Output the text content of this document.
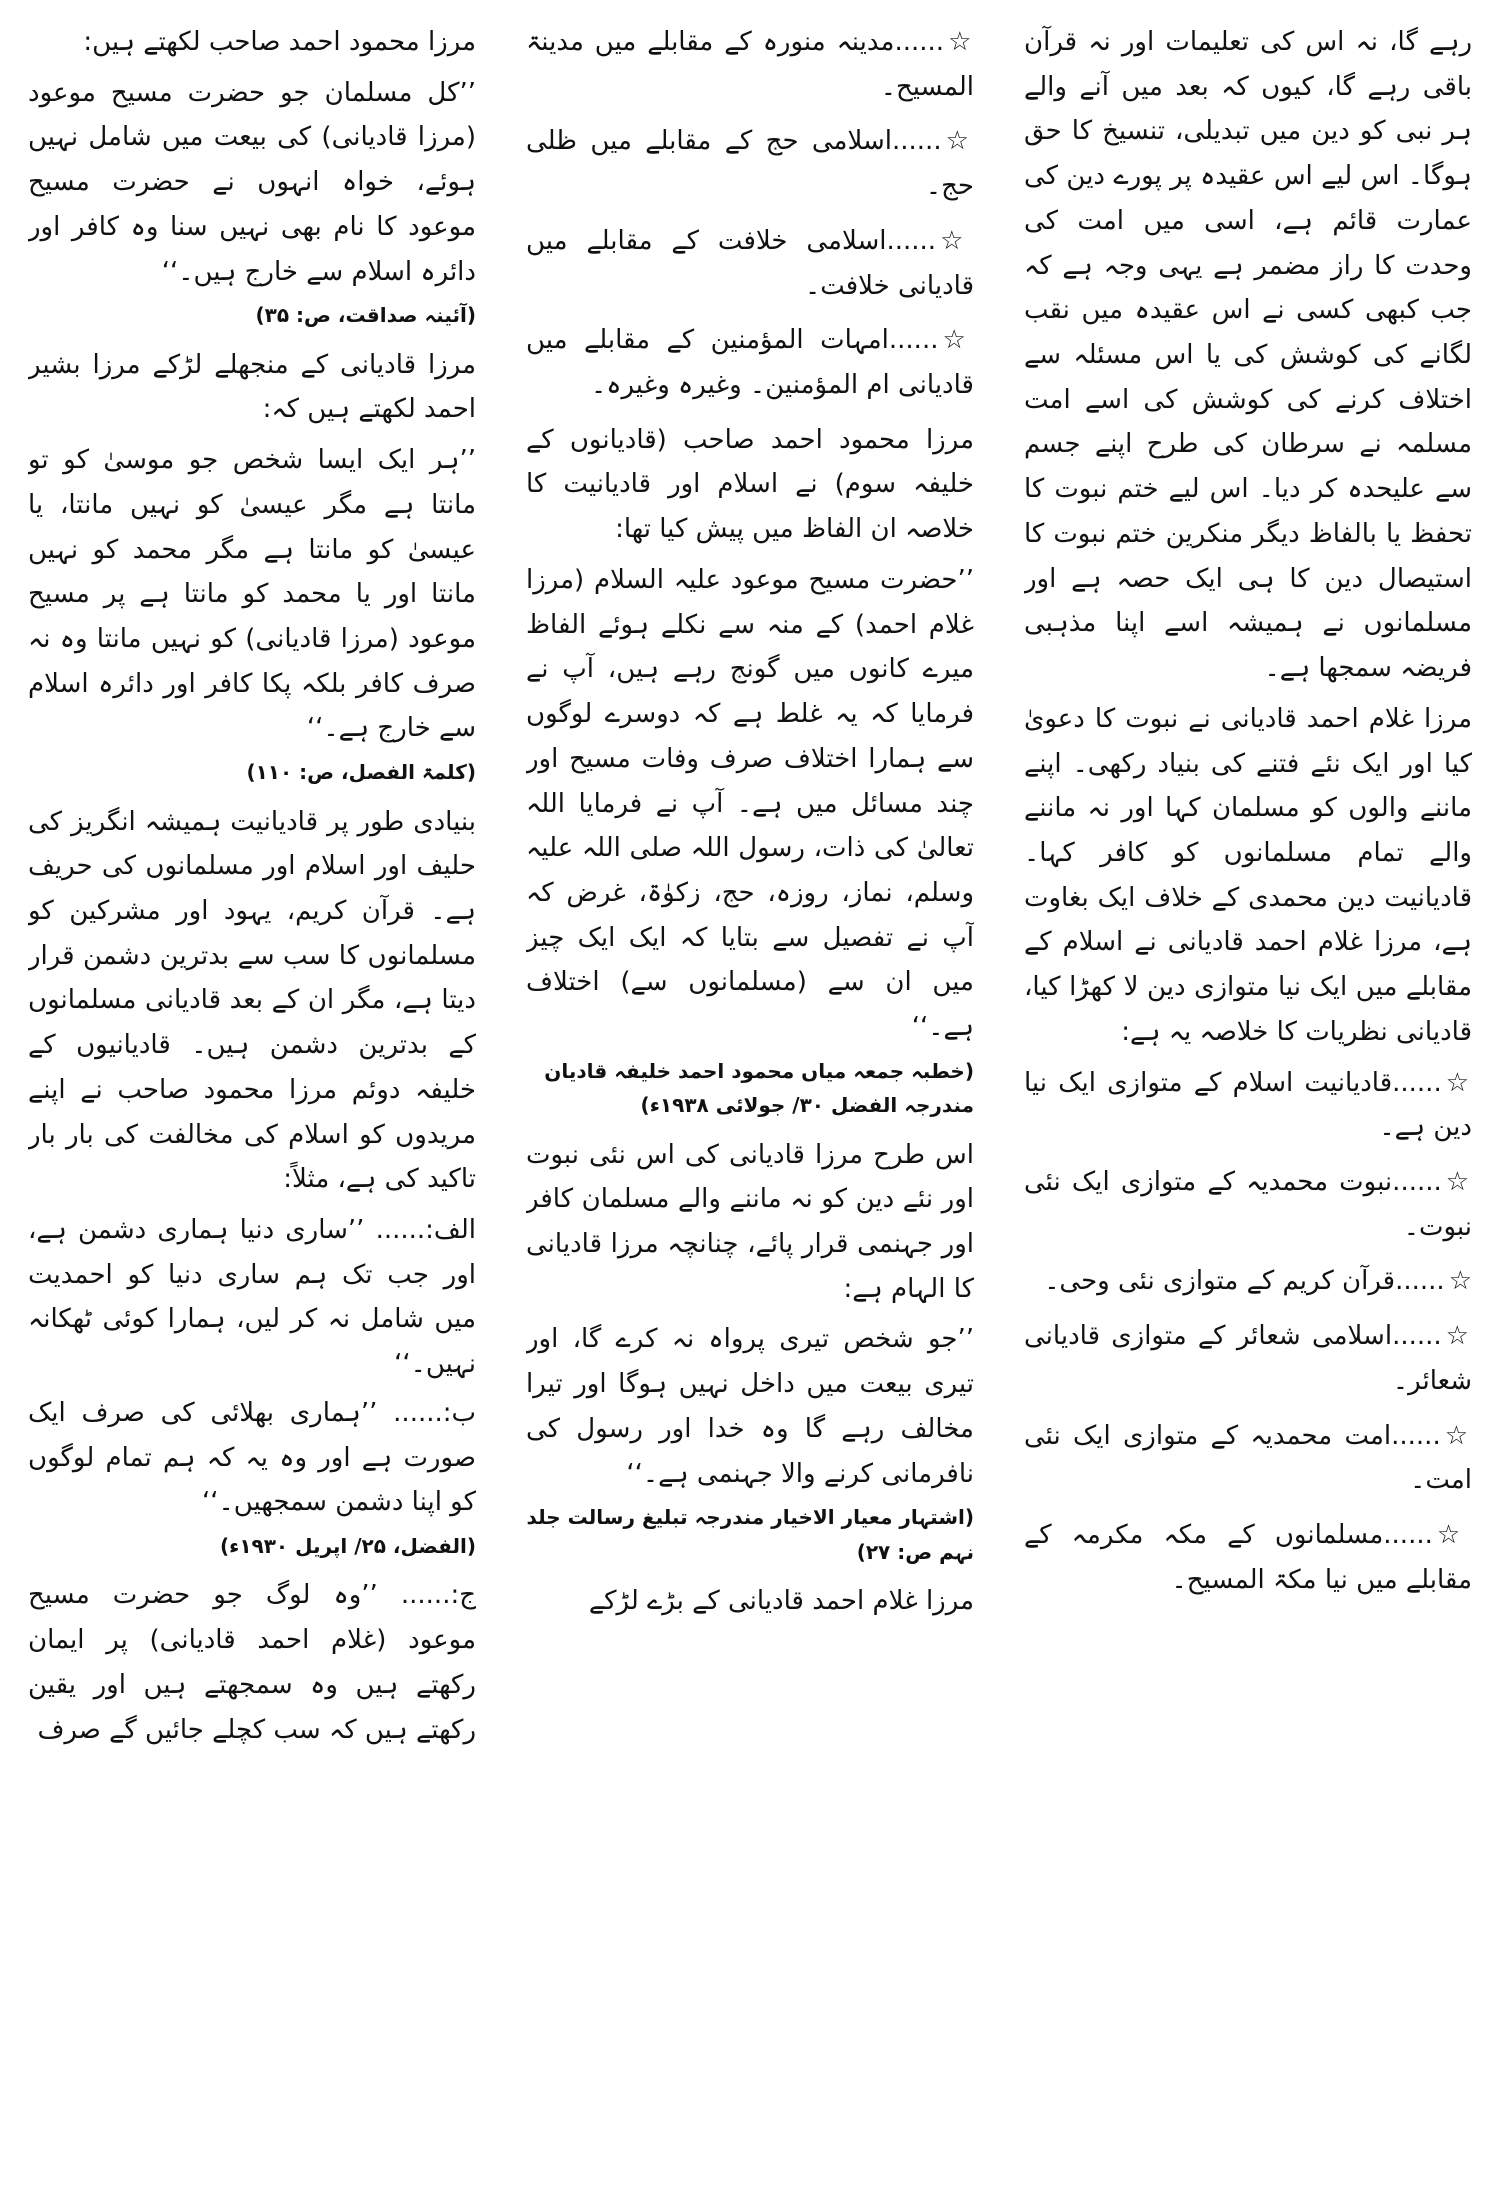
رہے گا، نہ اس کی تعلیمات اور نہ قرآن باقی رہے گا، کیوں کہ بعد میں آنے والے ہر نبی کو دین میں تبدیلی، تنسیخ کا حق ہوگا۔ اس لیے اس عقیدہ پر پورے دین کی عمارت قائم ہے، اسی میں امت کی وحدت کا راز مضمر ہے یہی وجہ ہے کہ جب کبھی کسی نے اس عقیدہ میں نقب لگانے کی کوشش کی یا اس مسئلہ سے اختلاف کرنے کی کوشش کی اسے امت مسلمہ نے سرطان کی طرح اپنے جسم سے علیحدہ کر دیا۔ اس لیے ختم نبوت کا تحفظ یا بالفاظ دیگر منکرین ختم نبوت کا استیصال دین کا ہی ایک حصہ ہے اور مسلمانوں نے ہمیشہ اسے اپنا مذہبی فریضہ سمجھا ہے۔

مرزا غلام احمد قادیانی نے نبوت کا دعویٰ کیا اور ایک نئے فتنے کی بنیاد رکھی۔ اپنے ماننے والوں کو مسلمان کہا اور نہ ماننے والے تمام مسلمانوں کو کافر کہا۔ قادیانیت دین محمدی کے خلاف ایک بغاوت ہے، مرزا غلام احمد قادیانی نے اسلام کے مقابلے میں ایک نیا متوازی دین لا کھڑا کیا، قادیانی نظریات کا خلاصہ یہ ہے:

☆......قادیانیت اسلام کے متوازی ایک نیا دین ہے۔

☆......نبوت محمدیہ کے متوازی ایک نئی نبوت۔

☆......قرآن کریم کے متوازی نئی وحی۔

☆......اسلامی شعائر کے متوازی قادیانی شعائر۔

☆......امت محمدیہ کے متوازی ایک نئی امت۔

☆......مسلمانوں کے مکہ مکرمہ کے مقابلے میں نیا مکۃ المسیح۔

☆......مدینہ منورہ کے مقابلے میں مدینۃ المسیح۔

☆......اسلامی حج کے مقابلے میں ظلی حج۔

☆......اسلامی خلافت کے مقابلے میں قادیانی خلافت۔

☆......امہات المؤمنین کے مقابلے میں قادیانی ام المؤمنین۔ وغیرہ وغیرہ۔

مرزا محمود احمد صاحب (قادیانوں کے خلیفہ سوم) نے اسلام اور قادیانیت کا خلاصہ ان الفاظ میں پیش کیا تھا:

’’حضرت مسیح موعود علیہ السلام (مرزا غلام احمد) کے منہ سے نکلے ہوئے الفاظ میرے کانوں میں گونج رہے ہیں، آپ نے فرمایا کہ یہ غلط ہے کہ دوسرے لوگوں سے ہمارا اختلاف صرف وفات مسیح اور چند مسائل میں ہے۔ آپ نے فرمایا اللہ تعالیٰ کی ذات، رسول اللہ صلی اللہ علیہ وسلم، نماز، روزہ، حج، زکوٰۃ، غرض کہ آپ نے تفصیل سے بتایا کہ ایک ایک چیز میں ان سے (مسلمانوں سے) اختلاف ہے۔‘‘

(خطبہ جمعہ میاں محمود احمد خلیفہ قادیان مندرجہ الفضل ۳۰/ جولائی ۱۹۳۸ء)

اس طرح مرزا قادیانی کی اس نئی نبوت اور نئے دین کو نہ ماننے والے مسلمان کافر اور جہنمی قرار پائے، چنانچہ مرزا قادیانی کا الہام ہے:

’’جو شخص تیری پرواہ نہ کرے گا، اور تیری بیعت میں داخل نہیں ہوگا اور تیرا مخالف رہے گا وہ خدا اور رسول کی نافرمانی کرنے والا جہنمی ہے۔‘‘

(اشتہار معیار الاخیار مندرجہ تبلیغ رسالت جلد نہم ص: ۲۷)

مرزا غلام احمد قادیانی کے بڑے لڑکے

مرزا محمود احمد صاحب لکھتے ہیں:

’’کل مسلمان جو حضرت مسیح موعود (مرزا قادیانی) کی بیعت میں شامل نہیں ہوئے، خواہ انہوں نے حضرت مسیح موعود کا نام بھی نہیں سنا وہ کافر اور دائرہ اسلام سے خارج ہیں۔‘‘

(آئینہ صداقت، ص: ۳۵)

مرزا قادیانی کے منجھلے لڑکے مرزا بشیر احمد لکھتے ہیں کہ:

’’ہر ایک ایسا شخص جو موسیٰ کو تو مانتا ہے مگر عیسیٰ کو نہیں مانتا، یا عیسیٰ کو مانتا ہے مگر محمد کو نہیں مانتا اور یا محمد کو مانتا ہے پر مسیح موعود (مرزا قادیانی) کو نہیں مانتا وہ نہ صرف کافر بلکہ پکا کافر اور دائرہ اسلام سے خارج ہے۔‘‘

(کلمۃ الفصل، ص: ۱۱۰)

بنیادی طور پر قادیانیت ہمیشہ انگریز کی حلیف اور اسلام اور مسلمانوں کی حریف ہے۔ قرآن کریم، یہود اور مشرکین کو مسلمانوں کا سب سے بدترین دشمن قرار دیتا ہے، مگر ان کے بعد قادیانی مسلمانوں کے بدترین دشمن ہیں۔ قادیانیوں کے خلیفہ دوئم مرزا محمود صاحب نے اپنے مریدوں کو اسلام کی مخالفت کی بار بار تاکید کی ہے، مثلاً:

الف:...... ’’ساری دنیا ہماری دشمن ہے، اور جب تک ہم ساری دنیا کو احمدیت میں شامل نہ کر لیں، ہمارا کوئی ٹھکانہ نہیں۔‘‘

ب:...... ’’ہماری بھلائی کی صرف ایک صورت ہے اور وہ یہ کہ ہم تمام لوگوں کو اپنا دشمن سمجھیں۔‘‘

(الفضل، ۲۵/ اپریل ۱۹۳۰ء)

ج:...... ’’وہ لوگ جو حضرت مسیح موعود (غلام احمد قادیانی) پر ایمان رکھتے ہیں وہ سمجھتے ہیں اور یقین رکھتے ہیں کہ سب کچلے جائیں گے صرف
